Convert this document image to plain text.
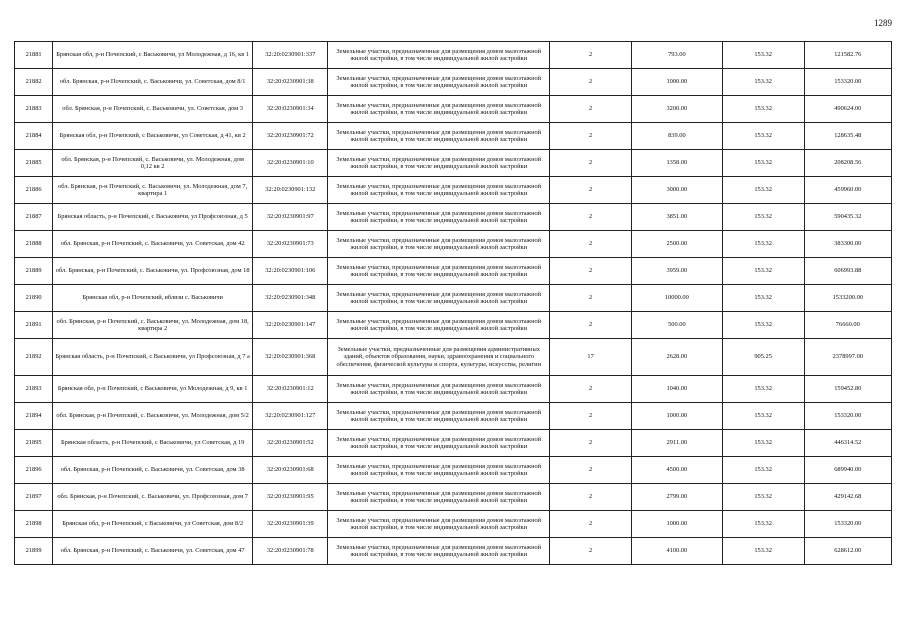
1289
21881	Брянская обл, р-н Почепский, с Васьковичи, ул Молодежная, д 16, кв 1	32:20:0230901:337	Земельные участки, предназначенные для размещения домов малоэтажной жилой застройки, в том числе индивидуальной жилой застройки	2	793.00	153.32	121582.76
21882	обл. Брянская, р-н Почепский, с. Васьковичи, ул. Советская, дом 8/1	32:20:0230901:38	Земельные участки, предназначенные для размещения домов малоэтажной жилой застройки, в том числе индивидуальной жилой застройки	2	1000.00	153.32	153320.00
21883	обл. Брянская, р-н Почепский, с. Васьковичи, ул. Советская, дом 3	32:20:0230901:34	Земельные участки, предназначенные для размещения домов малоэтажной жилой застройки, в том числе индивидуальной жилой застройки	2	3200.00	153.32	490624.00
21884	Брянская обл, р-н Почепский, с Васьковичи, ул Советская, д 41, кв 2	32:20:0230901:72	Земельные участки, предназначенные для размещения домов малоэтажной жилой застройки, в том числе индивидуальной жилой застройки	2	839.00	153.32	128635.48
21885	обл. Брянская, р-н Почепский, с. Васьковичи, ул. Молодежная, дом 0,12 кв 2	32:20:0230901:10	Земельные участки, предназначенные для размещения домов малоэтажной жилой застройки, в том числе индивидуальной жилой застройки	2	1358.00	153.32	208208.56
21886	обл. Брянская, р-н Почепский, с. Васьковичи, ул. Молодежная, дом 7, квартира 1	32:20:0230901:132	Земельные участки, предназначенные для размещения домов малоэтажной жилой застройки, в том числе индивидуальной жилой застройки	2	3000.00	153.32	459960.00
21887	Брянская область, р-н Почепский, с Васьковичи, ул Профсоюзная, д 5	32:20:0230901:97	Земельные участки, предназначенные для размещения домов малоэтажной жилой застройки, в том числе индивидуальной жилой застройки	2	3851.00	153.32	590435.32
21888	обл. Брянская, р-н Почепский, с. Васьковичи, ул. Советская, дом 42	32:20:0230901:73	Земельные участки, предназначенные для размещения домов малоэтажной жилой застройки, в том числе индивидуальной жилой застройки	2	2500.00	153.32	383300.00
21889	обл. Брянская, р-н Почепский, с. Васьковичи, ул. Профсоюзная, дом 18	32:20:0230901:106	Земельные участки, предназначенные для размещения домов малоэтажной жилой застройки, в том числе индивидуальной жилой застройки	2	3959.00	153.32	606993.88
21890	Брянская обл, р-н Почепский, вблизи с. Васьковичи	32:20:0230901:348	Земельные участки, предназначенные для размещения домов малоэтажной жилой застройки, в том числе индивидуальной жилой застройки	2	10000.00	153.32	1533200.00
21891	обл. Брянская, р-н Почепский, с. Васьковичи, ул. Молодежная, дом 18, квартира 2	32:20:0230901:147	Земельные участки, предназначенные для размещения домов малоэтажной жилой застройки, в том числе индивидуальной жилой застройки	2	500.00	153.32	76660.00
21892	Брянская область, р-н Почепский, с Васьковичи, ул Профсоюзная, д 7 а	32:20:0230901:368	Земельные участки, предназначенные для размещения административных зданий, объектов образования, науки, здравоохранения и социального обеспечения, физической культуры и спорта, культуры, искусства, религии	17	2628.00	905.25	2378997.00
21893	Брянская обл, р-н Почепский, с Васьковичи, ул Молодежная, д 9, кв 1	32:20:0230901:12	Земельные участки, предназначенные для размещения домов малоэтажной жилой застройки, в том числе индивидуальной жилой застройки	2	1040.00	153.32	159452.80
21894	обл. Брянская, р-н Почепский, с. Васьковичи, ул. Молодежная, дом 5/2	32:20:0230901:127	Земельные участки, предназначенные для размещения домов малоэтажной жилой застройки, в том числе индивидуальной жилой застройки	2	1000.00	153.32	153320.00
21895	Брянская область, р-н Почепский, с Васьковичи, ул Советская, д 19	32:20:0230901:52	Земельные участки, предназначенные для размещения домов малоэтажной жилой застройки, в том числе индивидуальной жилой застройки	2	2911.00	153.32	446314.52
21896	обл. Брянская, р-н Почепский, с. Васьковичи, ул. Советская, дом 38	32:20:0230901:68	Земельные участки, предназначенные для размещения домов малоэтажной жилой застройки, в том числе индивидуальной жилой застройки	2	4500.00	153.32	689940.00
21897	обл. Брянская, р-н Почепский, с. Васьковичи, ул. Профсоюзная, дом 7	32:20:0230901:95	Земельные участки, предназначенные для размещения домов малоэтажной жилой застройки, в том числе индивидуальной жилой застройки	2	2799.00	153.32	429142.68
21898	Брянская обл, р-н Почепский, с Васьковичи, ул Советская, дом 8/2	32:20:0230901:39	Земельные участки, предназначенные для размещения домов малоэтажной жилой застройки, в том числе индивидуальной жилой застройки	2	1000.00	153.32	153320.00
21899	обл. Брянская, р-н Почепский, с. Васьковичи, ул. Советская, дом 47	32:20:0230901:78	Земельные участки, предназначенные для размещения домов малоэтажной жилой застройки, в том числе индивидуальной жилой застройки	2	4100.00	153.32	628612.00
